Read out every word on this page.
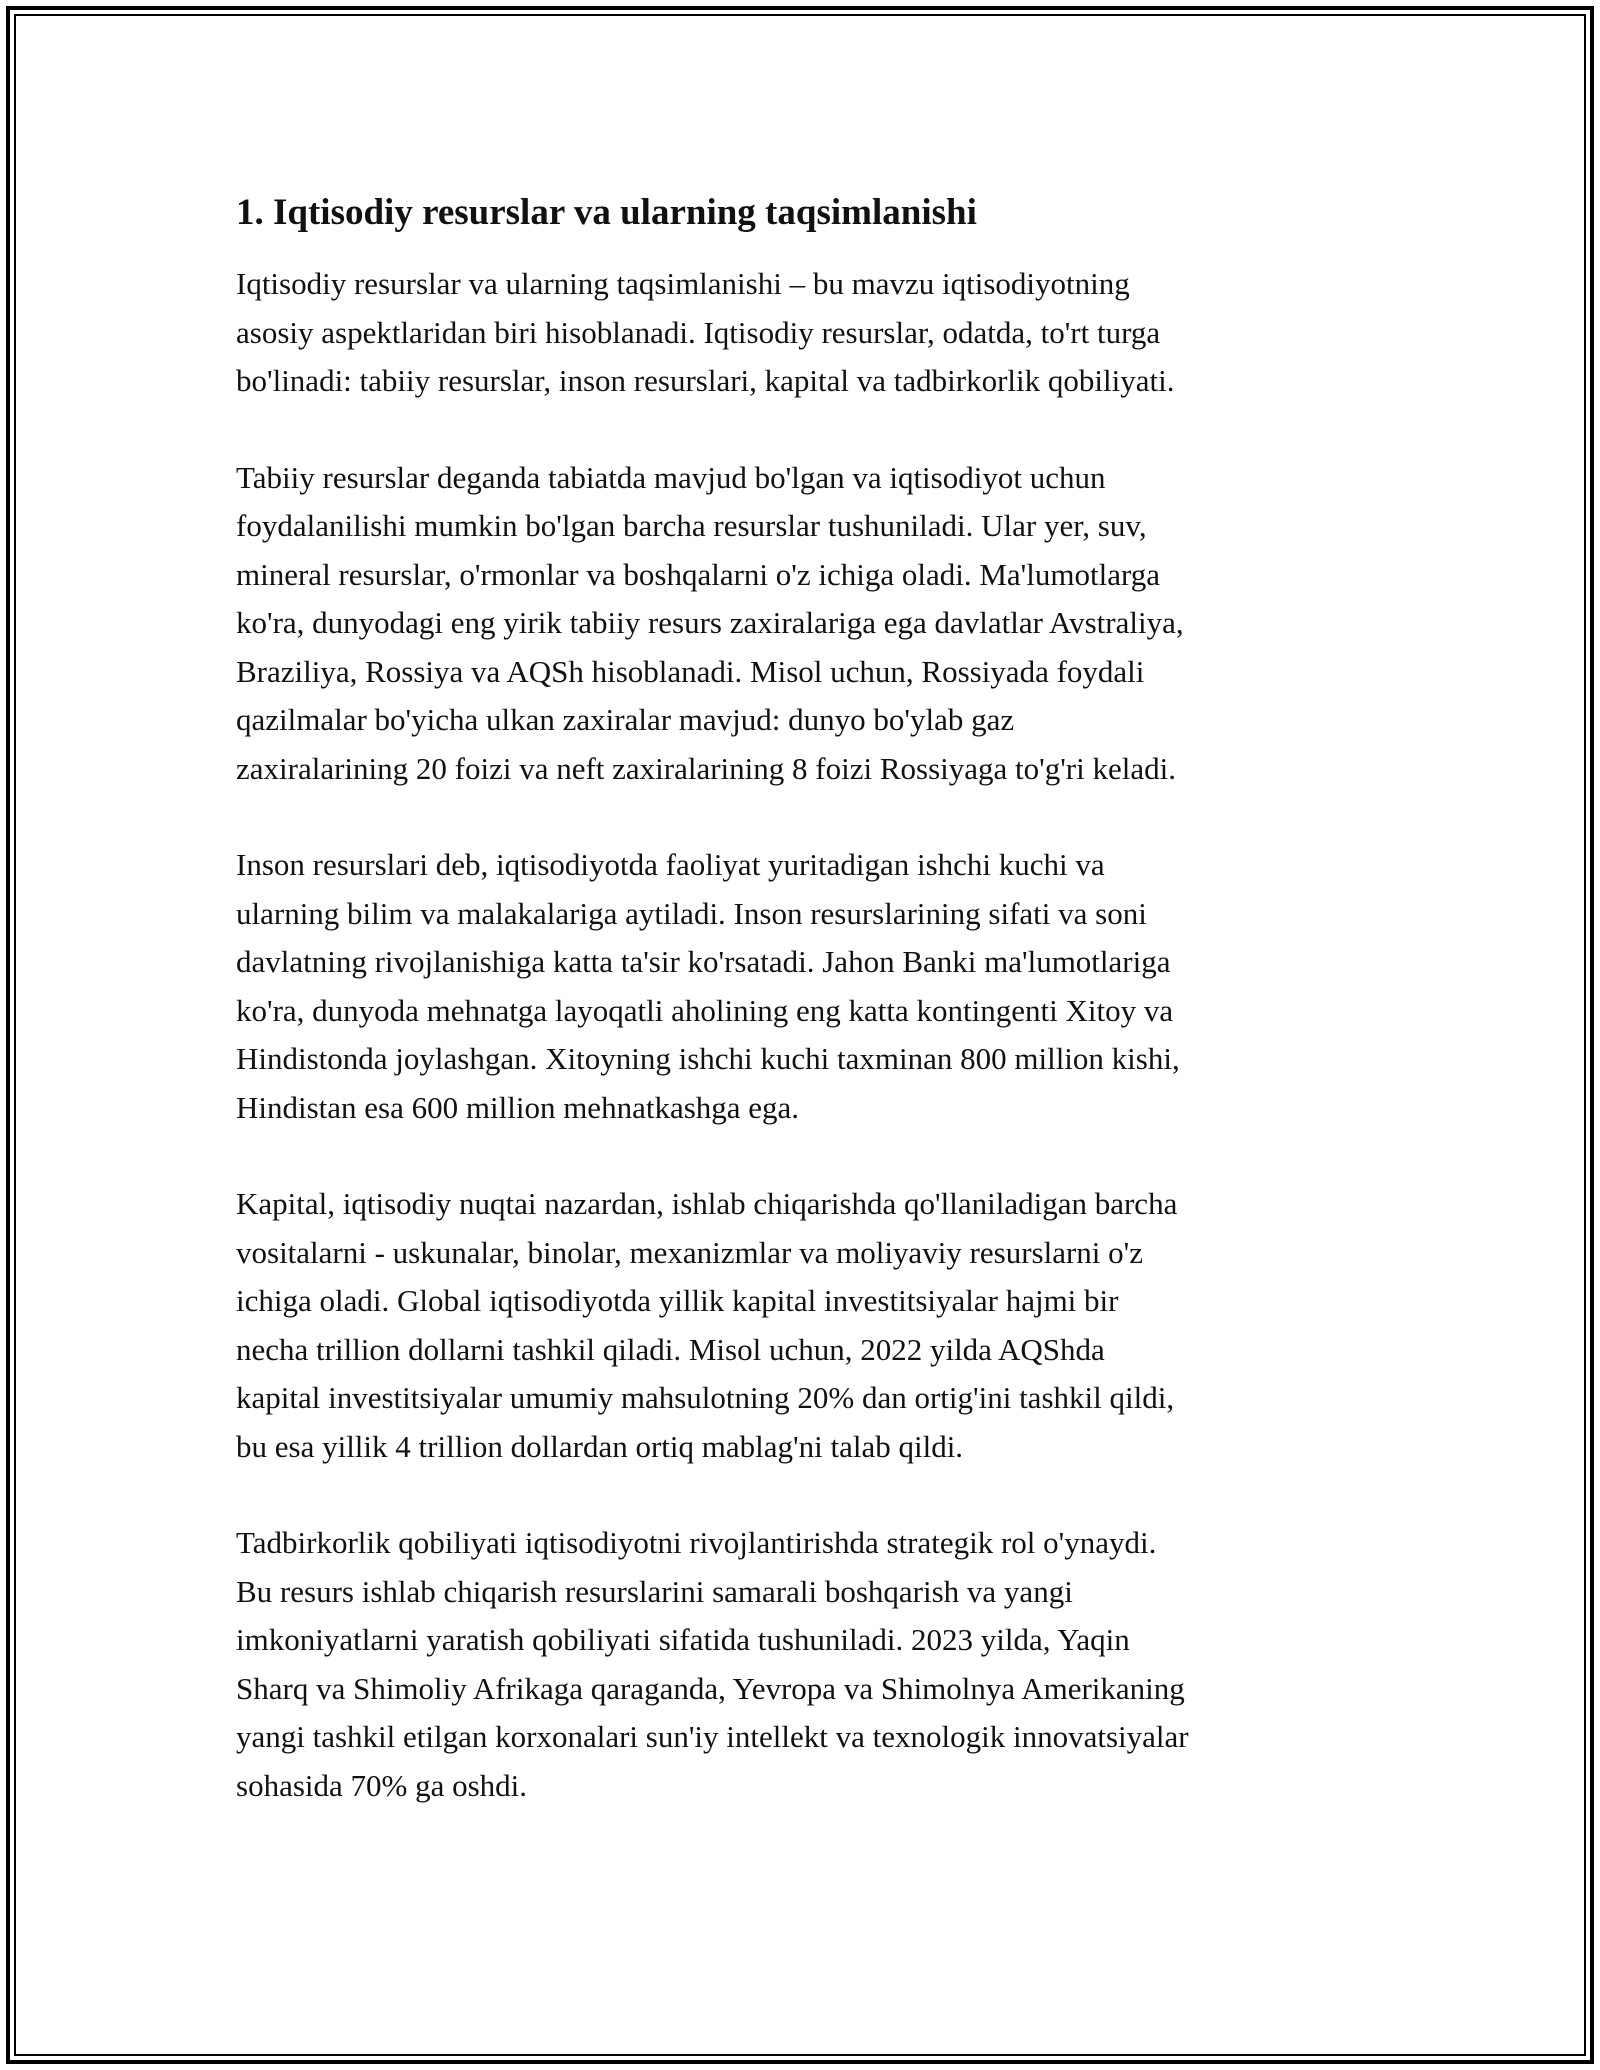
1. Iqtisodiy resurslar va ularning taqsimlanishi

Iqtisodiy resurslar va ularning taqsimlanishi – bu mavzu iqtisodiyotning
asosiy aspektlaridan biri hisoblanadi. Iqtisodiy resurslar, odatda, to'rt turga
bo'linadi: tabiiy resurslar, inson resurslari, kapital va tadbirkorlik qobiliyati.

Tabiiy resurslar deganda tabiatda mavjud bo'lgan va iqtisodiyot uchun
foydalanilishi mumkin bo'lgan barcha resurslar tushuniladi. Ular yer, suv,
mineral resurslar, o'rmonlar va boshqalarni o'z ichiga oladi. Ma'lumotlarga
ko'ra, dunyodagi eng yirik tabiiy resurs zaxiralariga ega davlatlar Avstraliya,
Braziliya, Rossiya va AQSh hisoblanadi. Misol uchun, Rossiyada foydali
qazilmalar bo'yicha ulkan zaxiralar mavjud: dunyo bo'ylab gaz
zaxiralarining 20 foizi va neft zaxiralarining 8 foizi Rossiyaga to'g'ri keladi.

Inson resurslari deb, iqtisodiyotda faoliyat yuritadigan ishchi kuchi va
ularning bilim va malakalariga aytiladi. Inson resurslarining sifati va soni
davlatning rivojlanishiga katta ta'sir ko'rsatadi. Jahon Banki ma'lumotlariga
ko'ra, dunyoda mehnatga layoqatli aholining eng katta kontingenti Xitoy va
Hindistonda joylashgan. Xitoyning ishchi kuchi taxminan 800 million kishi,
Hindistan esa 600 million mehnatkashga ega.

Kapital, iqtisodiy nuqtai nazardan, ishlab chiqarishda qo'llaniladigan barcha
vositalarni - uskunalar, binolar, mexanizmlar va moliyaviy resurslarni o'z
ichiga oladi. Global iqtisodiyotda yillik kapital investitsiyalar hajmi bir
necha trillion dollarni tashkil qiladi. Misol uchun, 2022 yilda AQShda
kapital investitsiyalar umumiy mahsulotning 20% dan ortig'ini tashkil qildi,
bu esa yillik 4 trillion dollardan ortiq mablag'ni talab qildi.

Tadbirkorlik qobiliyati iqtisodiyotni rivojlantirishda strategik rol o'ynaydi.
Bu resurs ishlab chiqarish resurslarini samarali boshqarish va yangi
imkoniyatlarni yaratish qobiliyati sifatida tushuniladi. 2023 yilda, Yaqin
Sharq va Shimoliy Afrikaga qaraganda, Yevropa va Shimolnya Amerikaning
yangi tashkil etilgan korxonalari sun'iy intellekt va texnologik innovatsiyalar
sohasida 70% ga oshdi.
